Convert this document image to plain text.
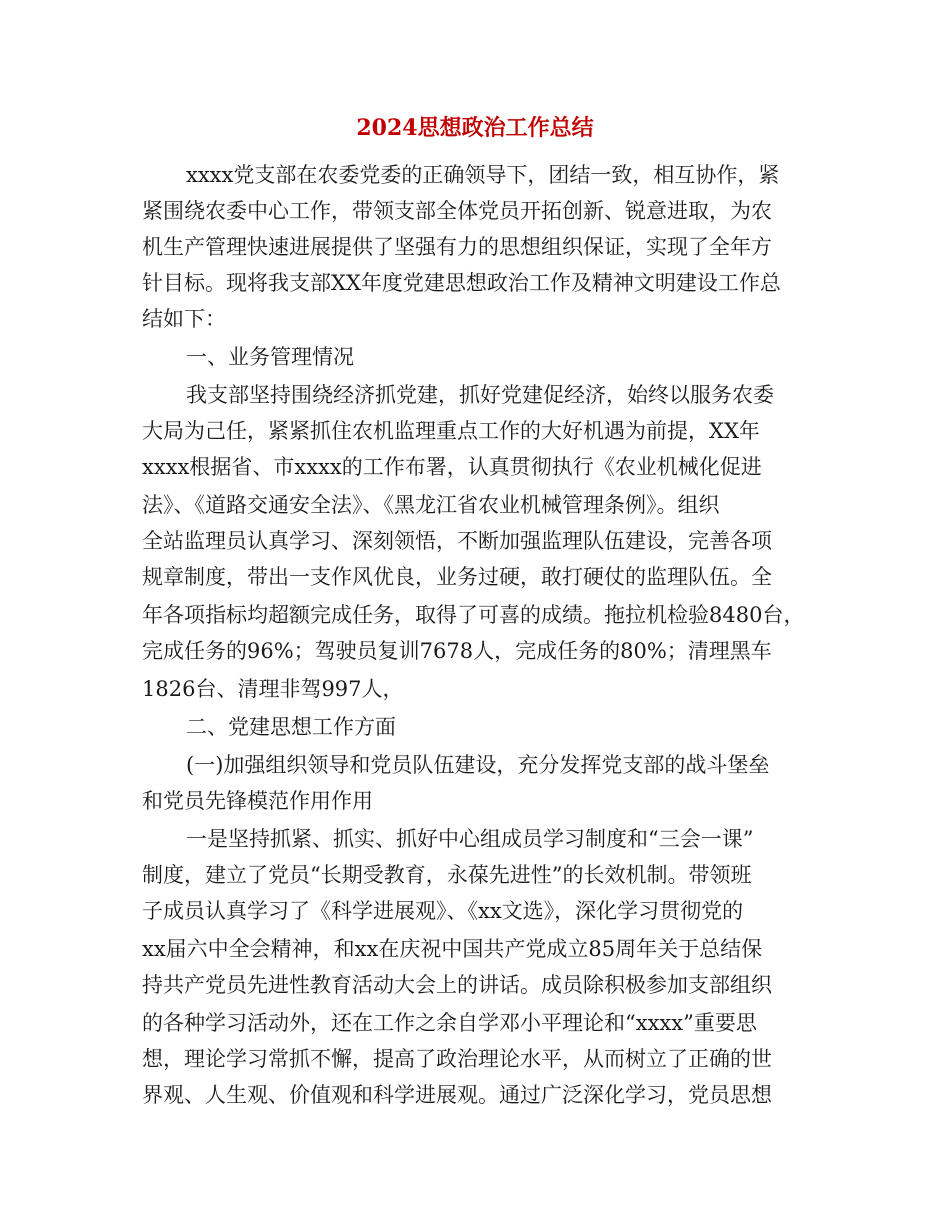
2024思想政治工作总结
xxxx党支部在农委党委的正确领导下，团结一致，相互协作，紧
紧围绕农委中心工作，带领支部全体党员开拓创新、锐意进取，为农
机生产管理快速进展提供了坚强有力的思想组织保证，实现了全年方
针目标。现将我支部XX年度党建思想政治工作及精神文明建设工作总
结如下：
一、业务管理情况
我支部坚持围绕经济抓党建，抓好党建促经济，始终以服务农委
大局为己任，紧紧抓住农机监理重点工作的大好机遇为前提，XX年
xxxx根据省、市xxxx的工作布署，认真贯彻执行《农业机械化促进
法》、《道路交通安全法》、《黑龙江省农业机械管理条例》。组织
全站监理员认真学习、深刻领悟，不断加强监理队伍建设，完善各项
规章制度，带出一支作风优良，业务过硬，敢打硬仗的监理队伍。全
年各项指标均超额完成任务，取得了可喜的成绩。拖拉机检验8480台，
完成任务的96%；驾驶员复训7678人，完成任务的80%；清理黑车
1826台、清理非驾997人，
二、党建思想工作方面
(一)加强组织领导和党员队伍建设，充分发挥党支部的战斗堡垒
和党员先锋模范作用作用
一是坚持抓紧、抓实、抓好中心组成员学习制度和“三会一课”
制度，建立了党员“长期受教育，永葆先进性”的长效机制。带领班
子成员认真学习了《科学进展观》、《xx文选》，深化学习贯彻党的
xx届六中全会精神，和xx在庆祝中国共产党成立85周年关于总结保
持共产党员先进性教育活动大会上的讲话。成员除积极参加支部组织
的各种学习活动外，还在工作之余自学邓小平理论和“xxxx”重要思
想，理论学习常抓不懈，提高了政治理论水平，从而树立了正确的世
界观、人生观、价值观和科学进展观。通过广泛深化学习，党员思想
